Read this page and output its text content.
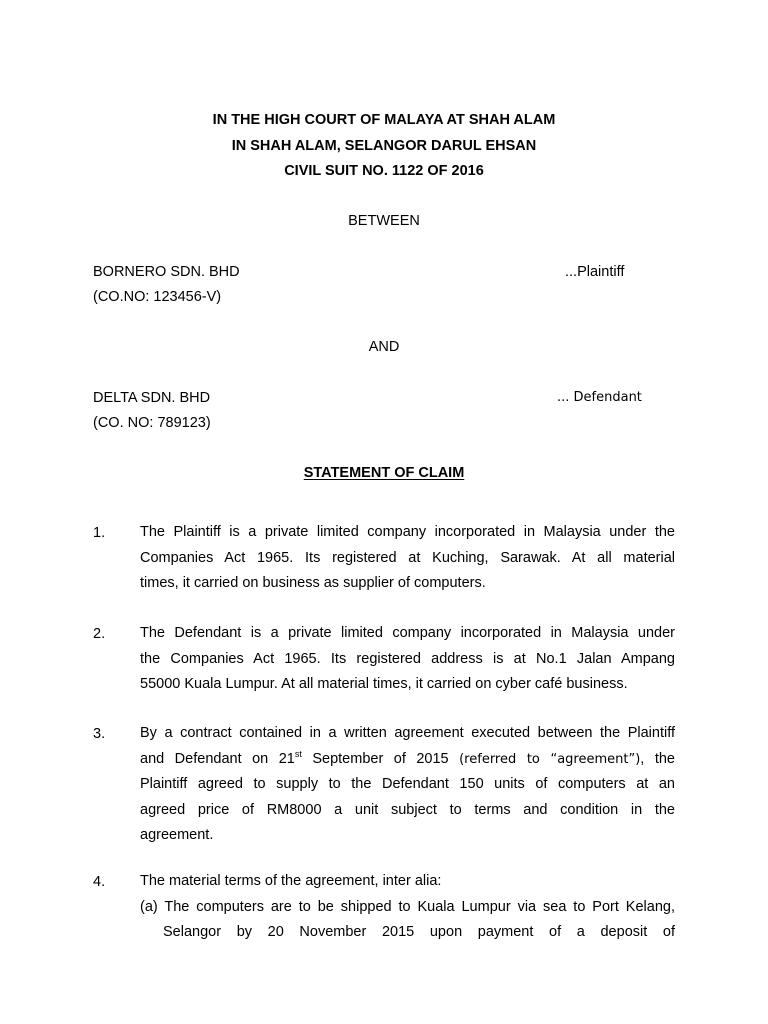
IN THE HIGH COURT OF MALAYA AT SHAH ALAM
IN SHAH ALAM, SELANGOR DARUL EHSAN
CIVIL SUIT NO. 1122 OF 2016
BETWEEN
BORNERO SDN. BHD	...Plaintiff
(CO.NO: 123456-V)
AND
DELTA SDN. BHD	... Defendant
(CO. NO: 789123)
STATEMENT OF CLAIM
1. The Plaintiff is a private limited company incorporated in Malaysia under the
Companies Act 1965. Its registered at Kuching, Sarawak. At all material
times, it carried on business as supplier of computers.
2. The Defendant is a private limited company incorporated in Malaysia under
the Companies Act 1965. Its registered address is at No.1 Jalan Ampang
55000 Kuala Lumpur. At all material times, it carried on cyber café business.
3. By a contract contained in a written agreement executed between the Plaintiff
and Defendant on 21st September of 2015 (referred to “agreement”), the
Plaintiff agreed to supply to the Defendant 150 units of computers at an
agreed price of RM8000 a unit subject to terms and condition in the
agreement.
4. The material terms of the agreement, inter alia:
(a) The computers are to be shipped to Kuala Lumpur via sea to Port Kelang,
Selangor by 20 November 2015 upon payment of a deposit of
